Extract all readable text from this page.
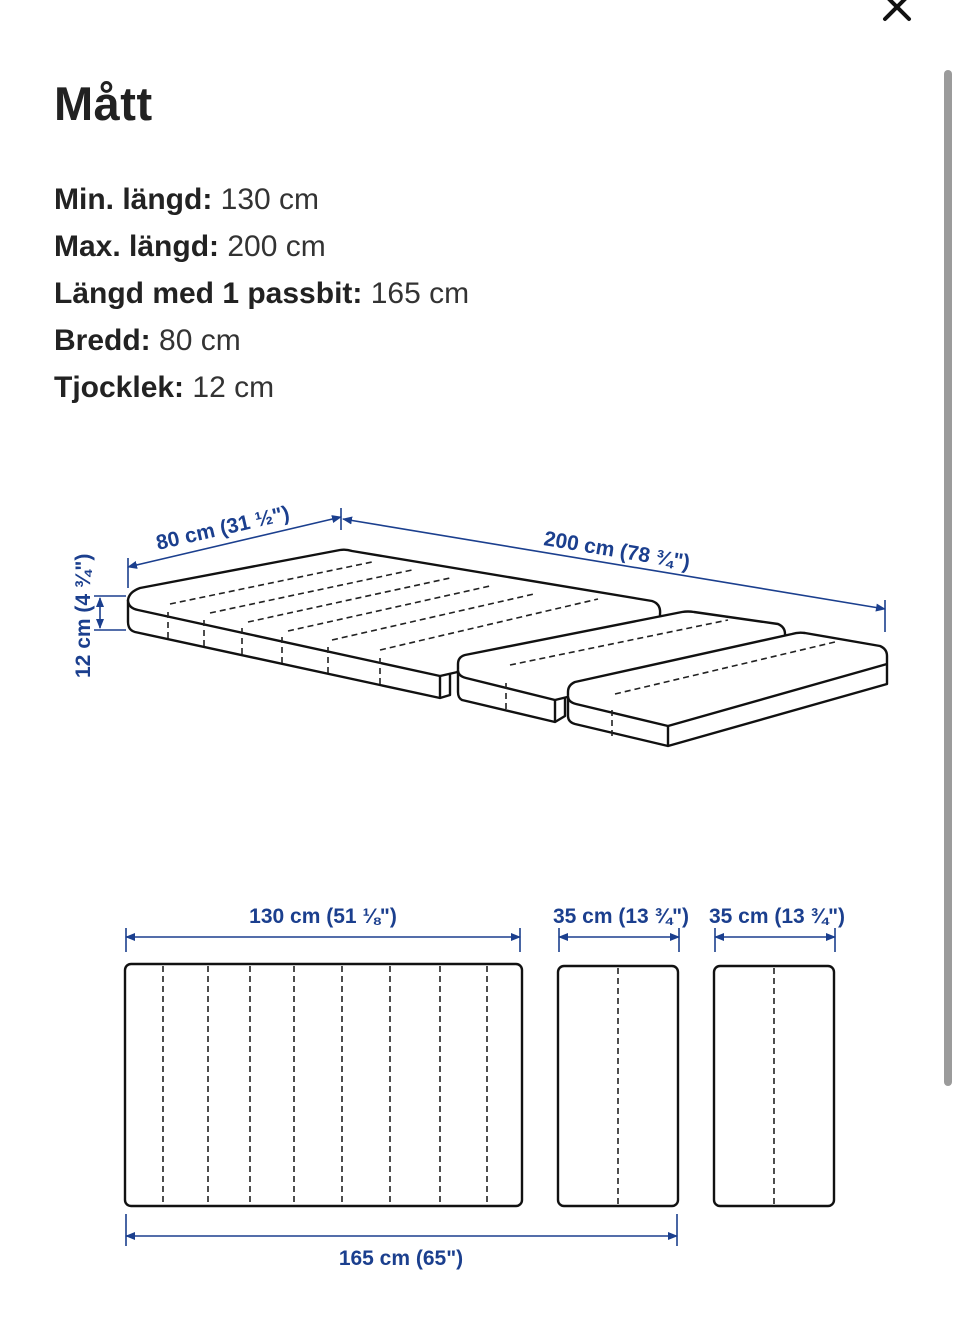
Mått
Min. längd: 130 cm
Max. längd: 200 cm
Längd med 1 passbit: 165 cm
Bredd: 80 cm
Tjocklek: 12 cm
80 cm (31 ½")	200 cm (78 ¾")
12 cm (4 ¾")
130 cm (51 ⅛")	35 cm (13 ¾") 35 cm (13 ¾")
165 cm (65")
